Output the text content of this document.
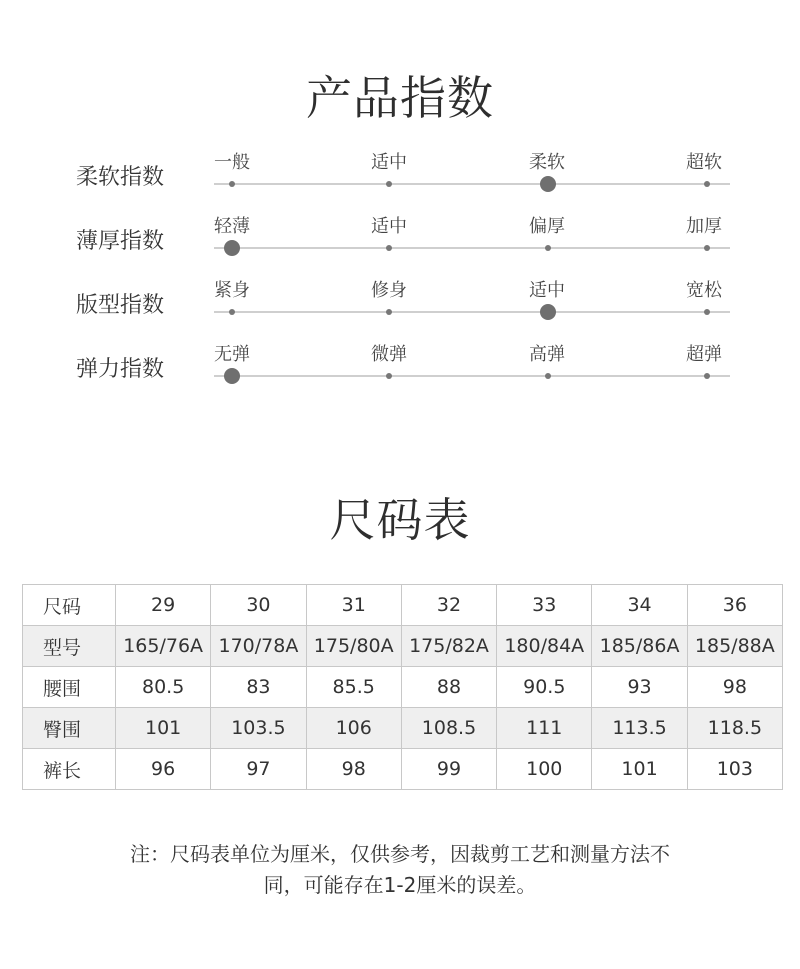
产品指数
柔软指数
一般	适中	柔软	超软
薄厚指数
轻薄	适中	偏厚	加厚
版型指数
紧身	修身	适中	宽松
弹力指数
无弹	微弹	高弹	超弹
尺码表
尺码	29	30	31	32	33	34	36
型号	165/76A	170/78A	175/80A	175/82A	180/84A	185/86A	185/88A
腰围	80.5	83	85.5	88	90.5	93	98
臀围	101	103.5	106	108.5	111	113.5	118.5
裤长	96	97	98	99	100	101	103
注：尺码表单位为厘米，仅供参考，因裁剪工艺和测量方法不
同，可能存在1-2厘米的误差。
